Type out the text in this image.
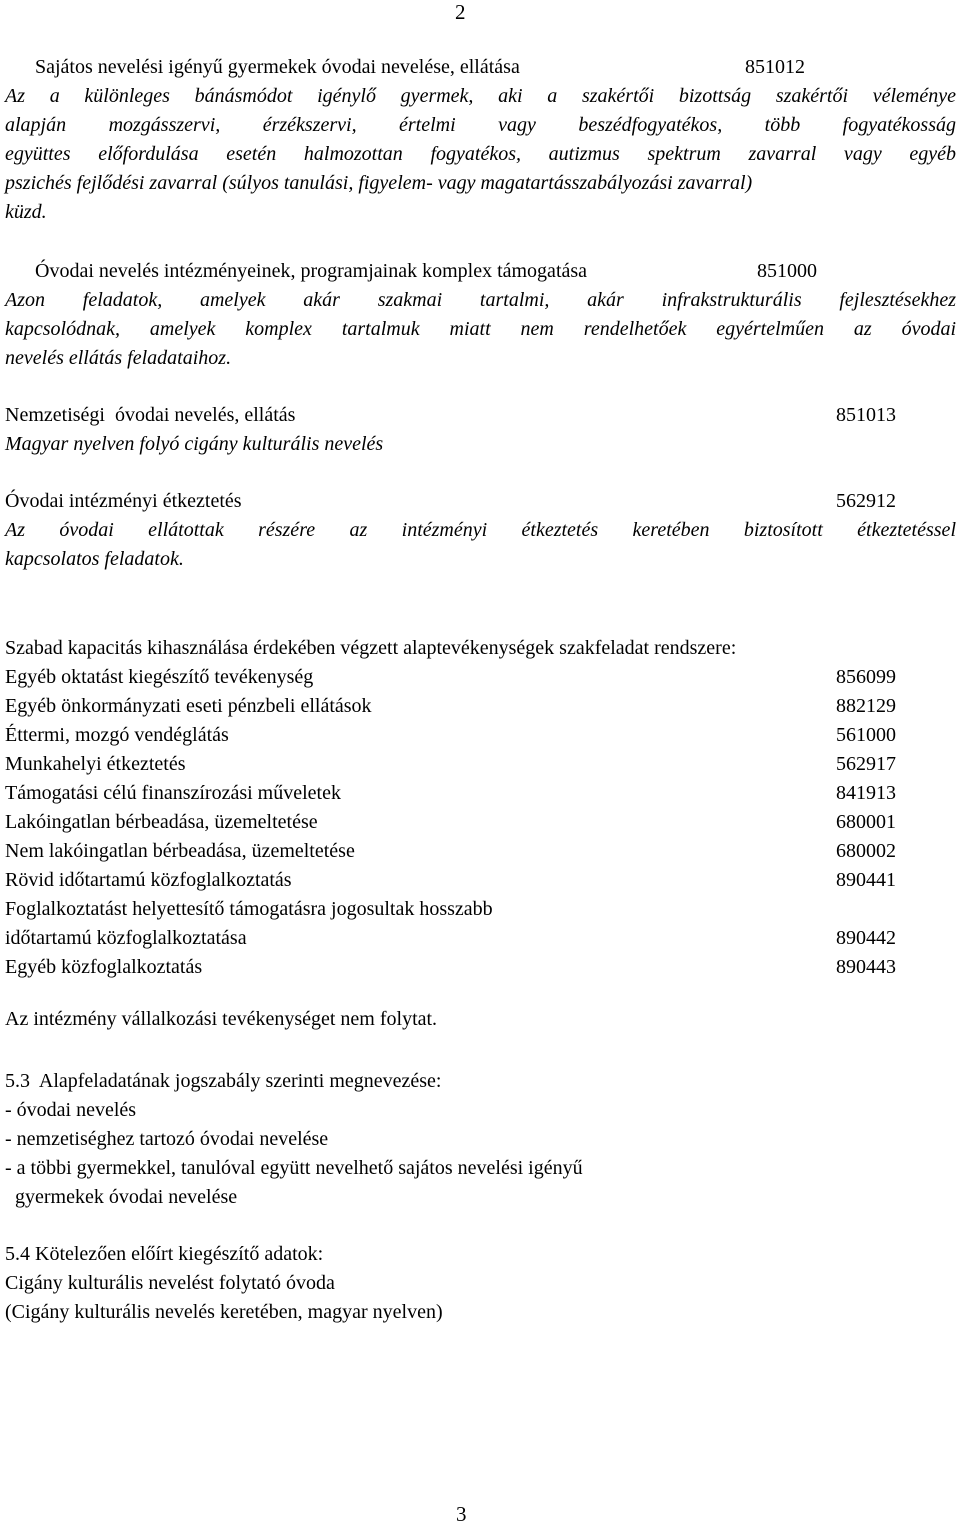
2
Sajátos nevelési igényű gyermekek óvodai nevelése, ellátása	851012
Az a különleges bánásmódot igénylő gyermek, aki a szakértői bizottság szakértői véleménye
alapján mozgásszervi, érzékszervi, értelmi vagy beszédfogyatékos, több fogyatékosság
együttes előfordulása esetén halmozottan fogyatékos, autizmus spektrum zavarral vagy egyéb
pszichés fejlődési zavarral (súlyos tanulási, figyelem- vagy magatartásszabályozási zavarral)
küzd.
Óvodai nevelés intézményeinek, programjainak komplex támogatása	851000
Azon feladatok, amelyek akár szakmai tartalmi, akár infrakstrukturális fejlesztésekhez
kapcsolódnak, amelyek komplex tartalmuk miatt nem rendelhetőek egyértelműen az óvodai
nevelés ellátás feladataihoz.
Nemzetiségi  óvodai nevelés, ellátás	851013
Magyar nyelven folyó cigány kulturális nevelés
Óvodai intézményi étkeztetés	562912
Az óvodai ellátottak részére az intézményi étkeztetés keretében biztosított étkeztetéssel
kapcsolatos feladatok.
Szabad kapacitás kihasználása érdekében végzett alaptevékenységek szakfeladat rendszere:
Egyéb oktatást kiegészítő tevékenység	856099
Egyéb önkormányzati eseti pénzbeli ellátások	882129
Éttermi, mozgó vendéglátás	561000
Munkahelyi étkeztetés	562917
Támogatási célú finanszírozási műveletek	841913
Lakóingatlan bérbeadása, üzemeltetése	680001
Nem lakóingatlan bérbeadása, üzemeltetése	680002
Rövid időtartamú közfoglalkoztatás	890441
Foglalkoztatást helyettesítő támogatásra jogosultak hosszabb
időtartamú közfoglalkoztatása	890442
Egyéb közfoglalkoztatás	890443
Az intézmény vállalkozási tevékenységet nem folytat.
5.3  Alapfeladatának jogszabály szerinti megnevezése:
- óvodai nevelés
- nemzetiséghez tartozó óvodai nevelése
- a többi gyermekkel, tanulóval együtt nevelhető sajátos nevelési igényű
gyermekek óvodai nevelése
5.4 Kötelezően előírt kiegészítő adatok:
Cigány kulturális nevelést folytató óvoda
(Cigány kulturális nevelés keretében, magyar nyelven)
3
